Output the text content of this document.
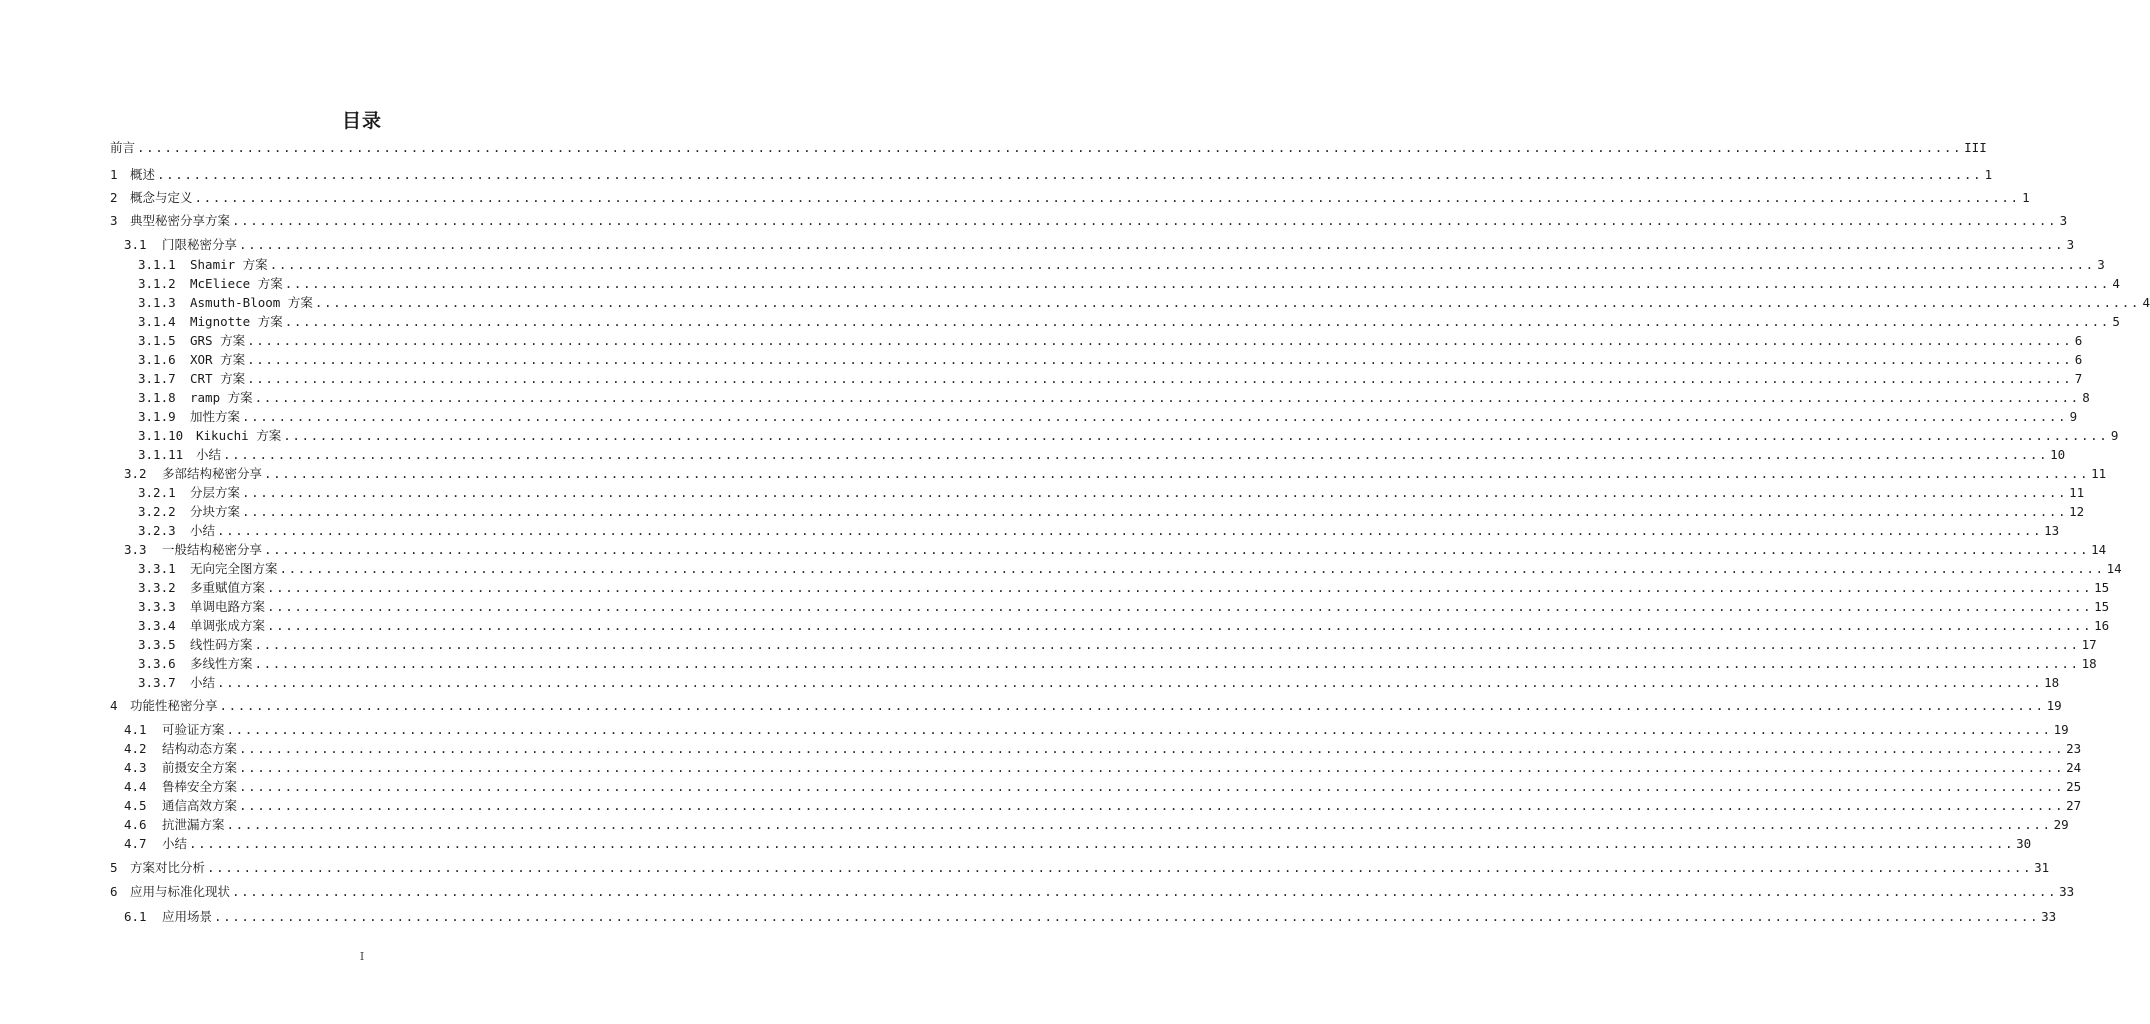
目录
前言 ........................................................................................................................................................................................................ III
1 概述 ........................................................................................................................................................................................................ 1
2 概念与定义 ........................................................................................................................................................................................................ 1
3 典型秘密分享方案 ........................................................................................................................................................................................................ 3
3.1	门限秘密分享 ........................................................................................................................................................................................................ 3
3.1.1	Shamir 方案 ........................................................................................................................................................................................................ 3
3.1.2	McEliece 方案 ........................................................................................................................................................................................................ 4
3.1.3	Asmuth-Bloom 方案 ........................................................................................................................................................................................................ 4
3.1.4	Mignotte 方案 ........................................................................................................................................................................................................ 5
3.1.5	GRS 方案 ........................................................................................................................................................................................................ 6
3.1.6	XOR 方案 ........................................................................................................................................................................................................ 6
3.1.7	CRT 方案 ........................................................................................................................................................................................................ 7
3.1.8	ramp 方案 ........................................................................................................................................................................................................ 8
3.1.9	加性方案 ........................................................................................................................................................................................................ 9
3.1.10	Kikuchi 方案 ........................................................................................................................................................................................................ 9
3.1.11	小结 ........................................................................................................................................................................................................ 10
3.2	多部结构秘密分享 ........................................................................................................................................................................................................ 11
3.2.1	分层方案 ........................................................................................................................................................................................................ 11
3.2.2	分块方案 ........................................................................................................................................................................................................ 12
3.2.3	小结 ........................................................................................................................................................................................................ 13
3.3	一般结构秘密分享 ........................................................................................................................................................................................................ 14
3.3.1	无向完全图方案 ........................................................................................................................................................................................................ 14
3.3.2	多重赋值方案 ........................................................................................................................................................................................................ 15
3.3.3	单调电路方案 ........................................................................................................................................................................................................ 15
3.3.4	单调张成方案 ........................................................................................................................................................................................................ 16
3.3.5	线性码方案 ........................................................................................................................................................................................................ 17
3.3.6	多线性方案 ........................................................................................................................................................................................................ 18
3.3.7	小结 ........................................................................................................................................................................................................ 18
4 功能性秘密分享 ........................................................................................................................................................................................................ 19
4.1	可验证方案 ........................................................................................................................................................................................................ 19
4.2	结构动态方案 ........................................................................................................................................................................................................ 23
4.3	前摄安全方案 ........................................................................................................................................................................................................ 24
4.4	鲁棒安全方案 ........................................................................................................................................................................................................ 25
4.5	通信高效方案 ........................................................................................................................................................................................................ 27
4.6	抗泄漏方案 ........................................................................................................................................................................................................ 29
4.7	小结 ........................................................................................................................................................................................................ 30
5 方案对比分析 ........................................................................................................................................................................................................ 31
6 应用与标准化现状 ........................................................................................................................................................................................................ 33
6.1	应用场景 ........................................................................................................................................................................................................ 33
I
